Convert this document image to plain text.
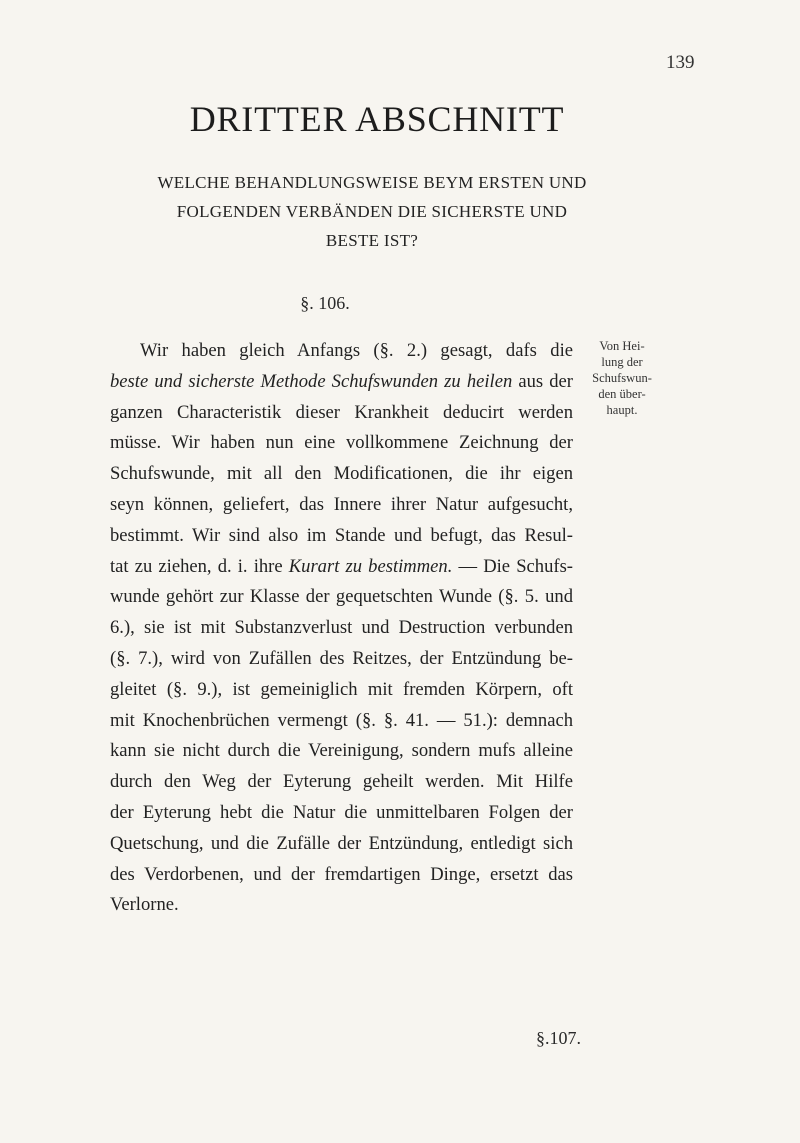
139
DRITTER ABSCHNITT
WELCHE BEHANDLUNGSWEISE BEYM ERSTEN UND
FOLGENDEN VERBÄNDEN DIE SICHERSTE UND
BESTE IST?
§. 106.
Von Hei-
lung der
Schufswun-
den über-
haupt.
Wir haben gleich Anfangs (§. 2.) gesagt, dafs die
beste und sicherste Methode Schufswunden zu heilen aus der
ganzen Characteristik dieser Krankheit deducirt werden
müsse. Wir haben nun eine vollkommene Zeichnung der
Schufswunde, mit all den Modificationen, die ihr eigen
seyn können, geliefert, das Innere ihrer Natur aufgesucht,
bestimmt. Wir sind also im Stande und befugt, das Resul-
tat zu ziehen, d. i. ihre Kurart zu bestimmen. — Die Schufs-
wunde gehört zur Klasse der gequetschten Wunde (§. 5. und
6.), sie ist mit Substanzverlust und Destruction verbunden
(§. 7.), wird von Zufällen des Reitzes, der Entzündung be-
gleitet (§. 9.), ist gemeiniglich mit fremden Körpern, oft
mit Knochenbrüchen vermengt (§. §. 41. — 51.): demnach
kann sie nicht durch die Vereinigung, sondern mufs alleine
durch den Weg der Eyterung geheilt werden. Mit Hilfe
der Eyterung hebt die Natur die unmittelbaren Folgen der
Quetschung, und die Zufälle der Entzündung, entledigt sich
des Verdorbenen, und der fremdartigen Dinge, ersetzt das
Verlorne.
§.107.
